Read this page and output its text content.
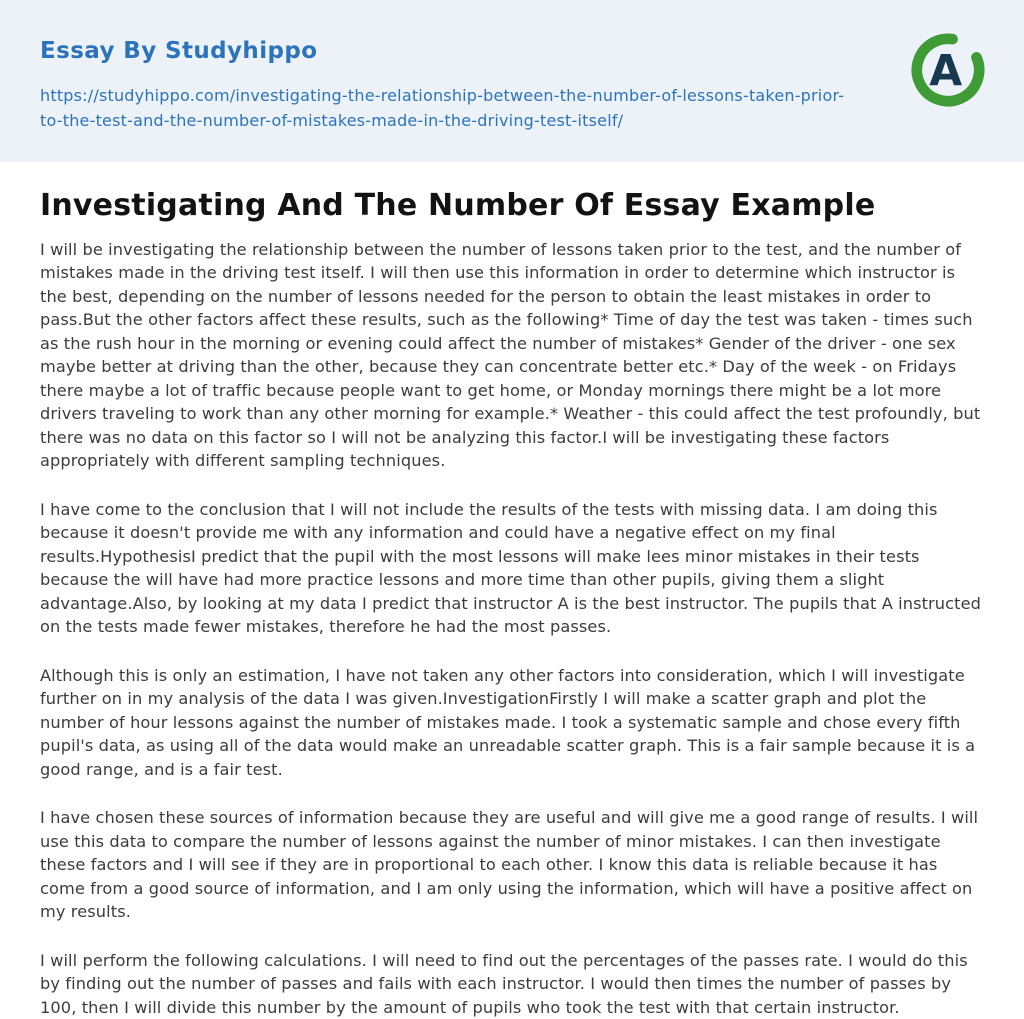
Essay By Studyhippo
https://studyhippo.com/investigating-the-relationship-between-the-number-of-lessons-taken-prior-to-the-test-and-the-number-of-mistakes-made-in-the-driving-test-itself/
A
Investigating And The Number Of Essay Example

I will be investigating the relationship between the number of lessons taken prior to the test, and the number of mistakes made in the driving test itself. I will then use this information in order to determine which instructor is the best, depending on the number of lessons needed for the person to obtain the least mistakes in order to pass.But the other factors affect these results, such as the following* Time of day the test was taken - times such as the rush hour in the morning or evening could affect the number of mistakes* Gender of the driver - one sex maybe better at driving than the other, because they can concentrate better etc.* Day of the week - on Fridays there maybe a lot of traffic because people want to get home, or Monday mornings there might be a lot more drivers traveling to work than any other morning for example.* Weather - this could affect the test profoundly, but there was no data on this factor so I will not be analyzing this factor.I will be investigating these factors appropriately with different sampling techniques.

I have come to the conclusion that I will not include the results of the tests with missing data. I am doing this because it doesn't provide me with any information and could have a negative effect on my final results.HypothesisI predict that the pupil with the most lessons will make lees minor mistakes in their tests because the will have had more practice lessons and more time than other pupils, giving them a slight advantage.Also, by looking at my data I predict that instructor A is the best instructor. The pupils that A instructed on the tests made fewer mistakes, therefore he had the most passes.

Although this is only an estimation, I have not taken any other factors into consideration, which I will investigate further on in my analysis of the data I was given.InvestigationFirstly I will make a scatter graph and plot the number of hour lessons against the number of mistakes made. I took a systematic sample and chose every fifth pupil's data, as using all of the data would make an unreadable scatter graph. This is a fair sample because it is a good range, and is a fair test.

I have chosen these sources of information because they are useful and will give me a good range of results. I will use this data to compare the number of lessons against the number of minor mistakes. I can then investigate these factors and I will see if they are in proportional to each other. I know this data is reliable because it has come from a good source of information, and I am only using the information, which will have a positive affect on my results.

I will perform the following calculations. I will need to find out the percentages of the passes rate. I would do this by finding out the number of passes and fails with each instructor. I would then times the number of passes by 100, then I will divide this number by the amount of pupils who took the test with that certain instructor.
